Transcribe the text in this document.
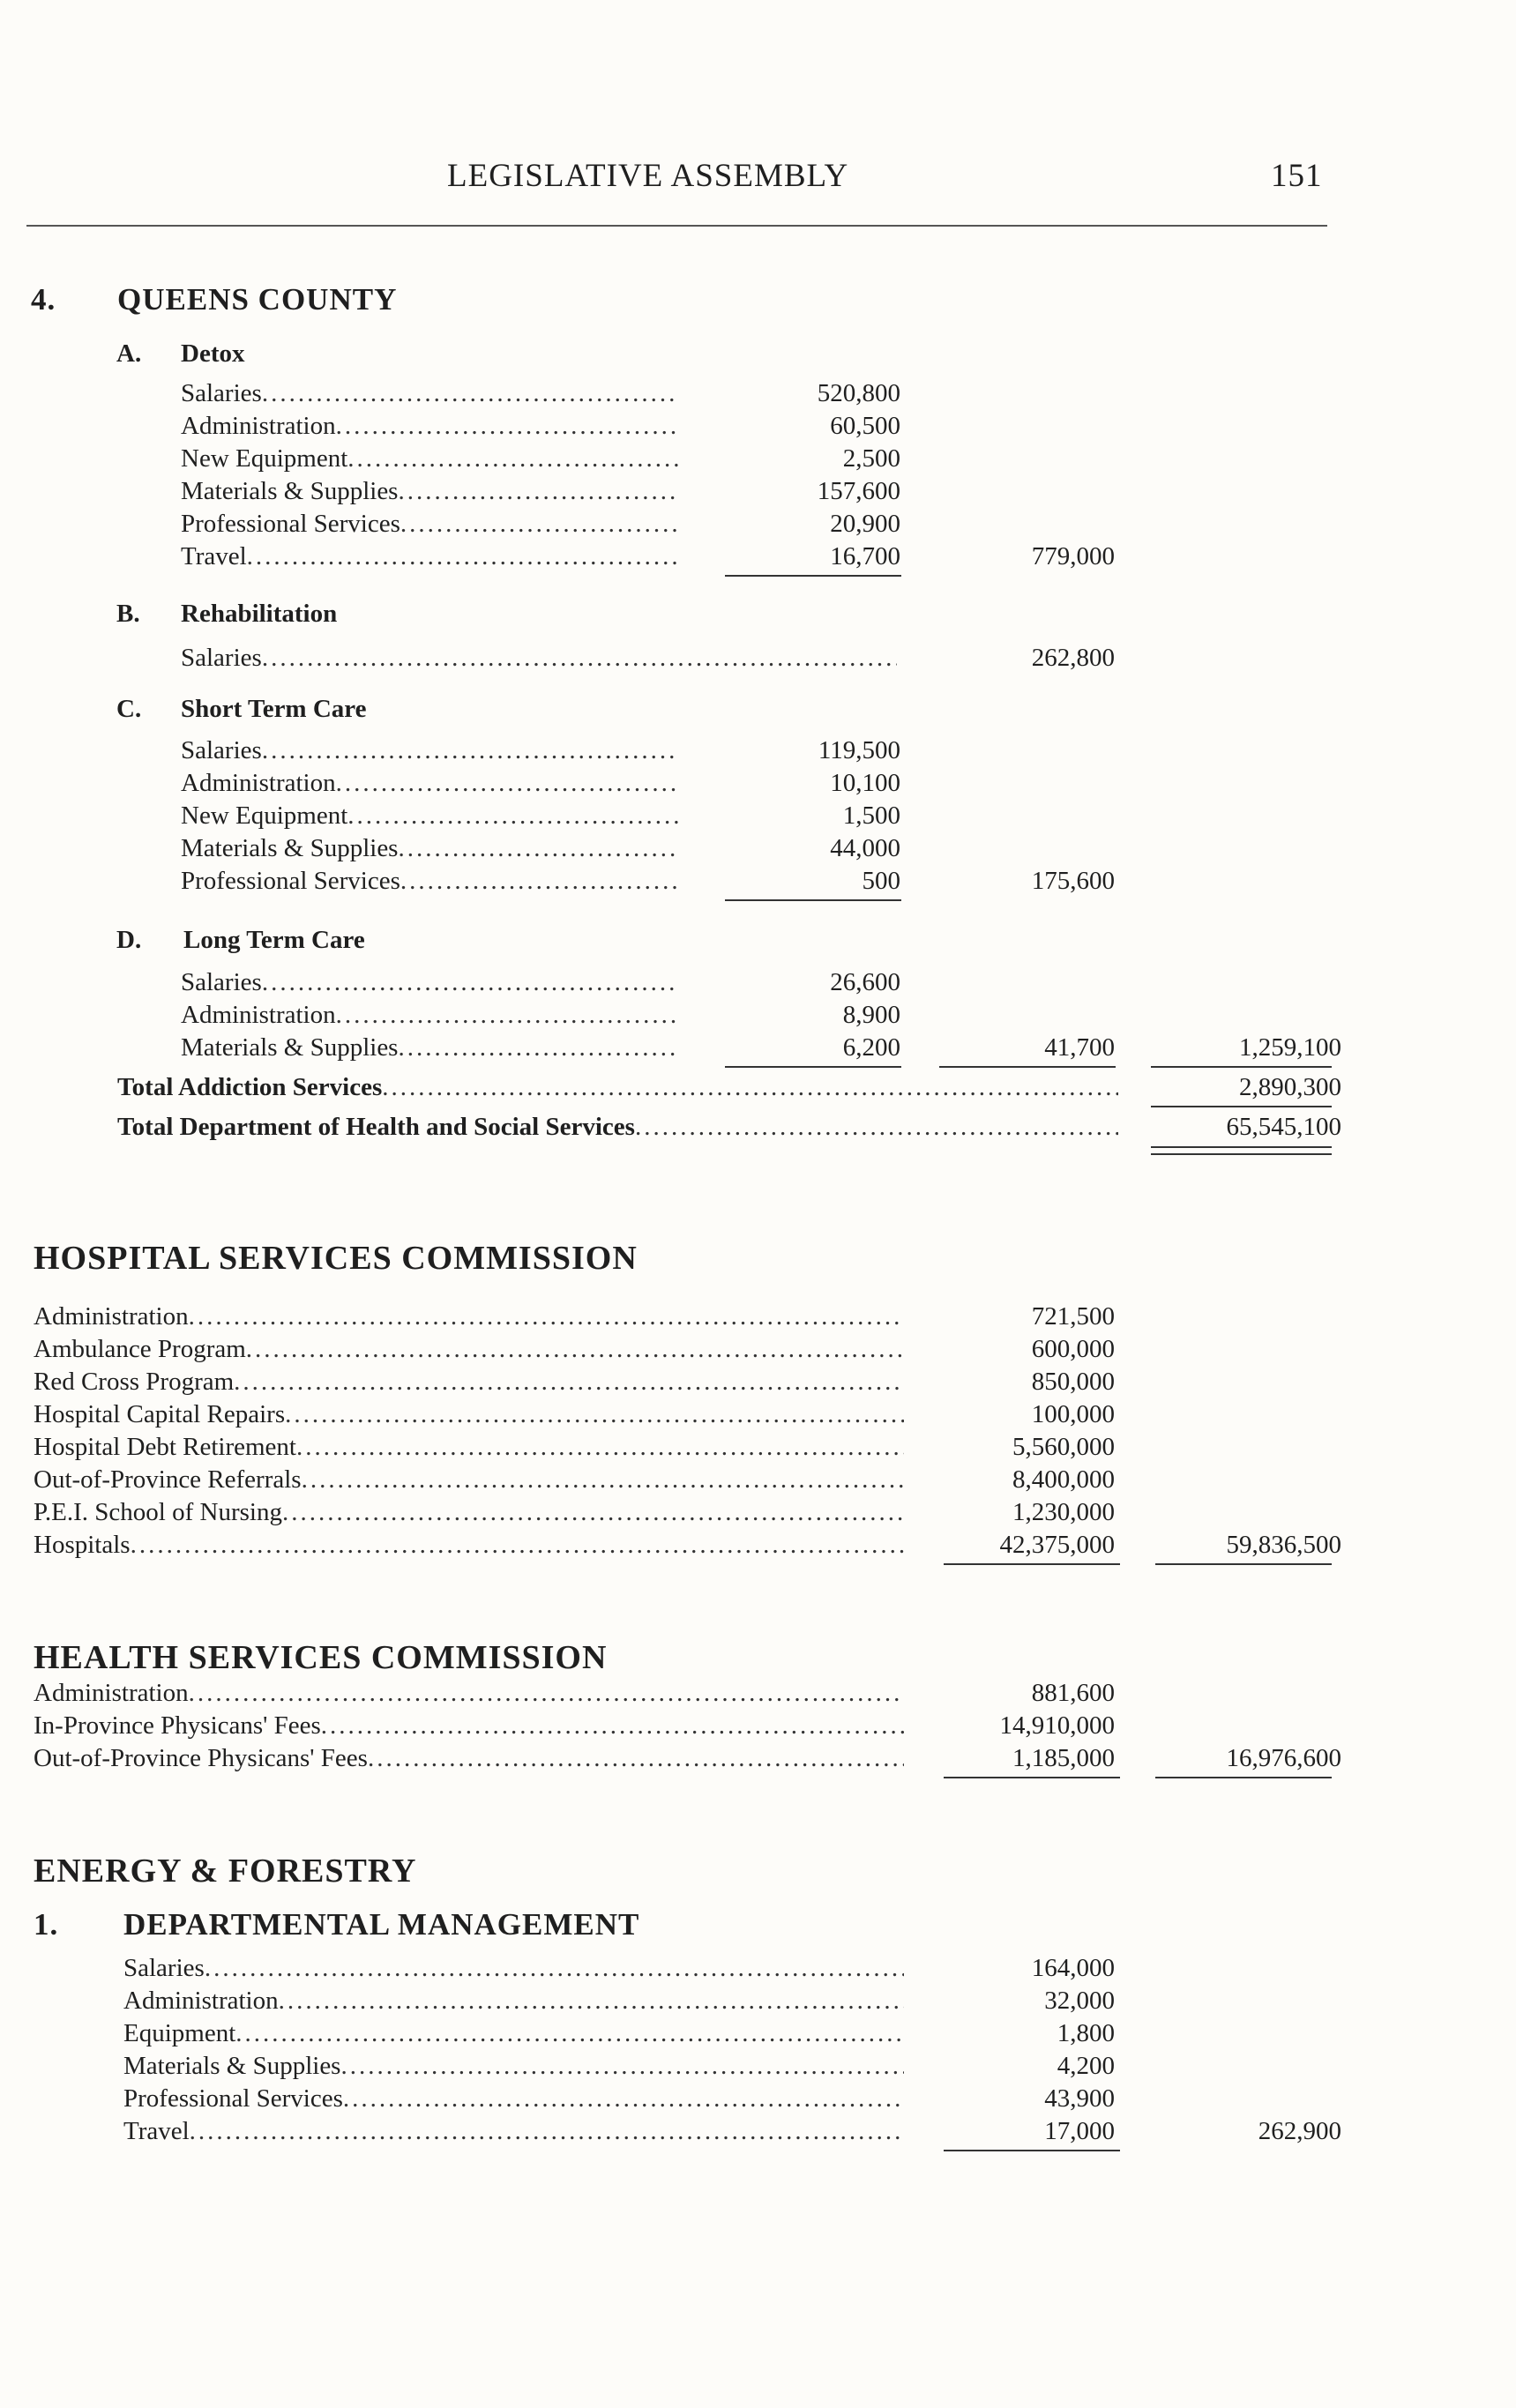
LEGISLATIVE ASSEMBLY	151
4. QUEENS COUNTY
A. Detox
Salaries .....	520,800
Administration .....	60,500
New Equipment .....	2,500
Materials & Supplies .....	157,600
Professional Services .....	20,900
Travel .....	16,700	779,000
B. Rehabilitation
Salaries .....	262,800
C. Short Term Care
Salaries .....	119,500
Administration .....	10,100
New Equipment .....	1,500
Materials & Supplies .....	44,000
Professional Services .....	500	175,600
D. Long Term Care
Salaries .....	26,600
Administration .....	8,900
Materials & Supplies .....	6,200	41,700	1,259,100
Total Addiction Services .....	2,890,300
Total Department of Health and Social Services .....	65,545,100
HOSPITAL SERVICES COMMISSION
Administration .....	721,500
Ambulance Program .....	600,000
Red Cross Program .....	850,000
Hospital Capital Repairs .....	100,000
Hospital Debt Retirement .....	5,560,000
Out-of-Province Referrals .....	8,400,000
P.E.I. School of Nursing .....	1,230,000
Hospitals .....	42,375,000	59,836,500
HEALTH SERVICES COMMISSION
Administration .....	881,600
In-Province Physicans' Fees .....	14,910,000
Out-of-Province Physicans' Fees .....	1,185,000	16,976,600
ENERGY & FORESTRY
1. DEPARTMENTAL MANAGEMENT
Salaries .....	164,000
Administration .....	32,000
Equipment .....	1,800
Materials & Supplies .....	4,200
Professional Services .....	43,900
Travel .....	17,000	262,900
